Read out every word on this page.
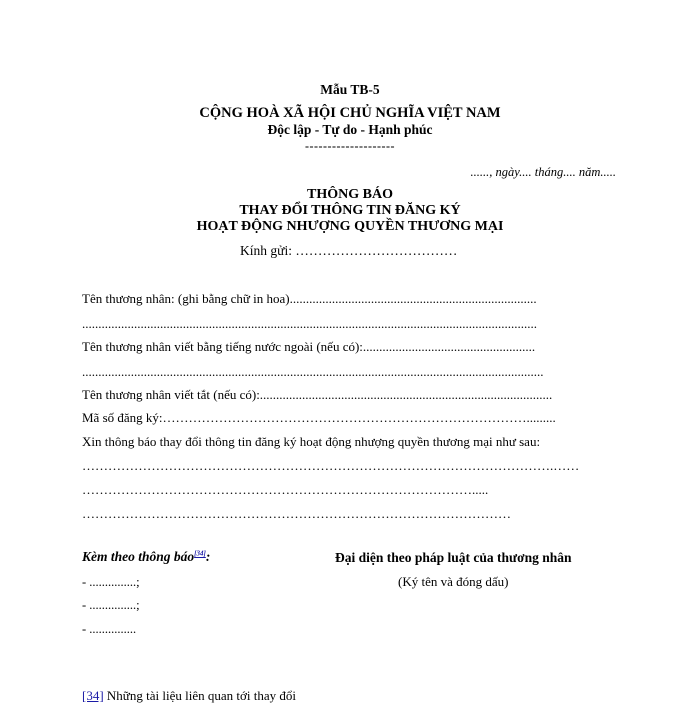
Mẫu TB-5
CỘNG HOÀ XÃ HỘI CHỦ NGHĨA VIỆT NAM
Độc lập - Tự do - Hạnh phúc
--------------------
......, ngày.... tháng.... năm.....
THÔNG BÁO
THAY ĐỔI THÔNG TIN ĐĂNG KÝ
HOẠT ĐỘNG NHƯỢNG QUYỀN THƯƠNG MẠI
Kính gửi: ………………………………
Tên thương nhân: (ghi bằng chữ in hoa)............................................................................
............................................................................................................................................
Tên thương nhân viết bằng tiếng nước ngoài (nếu có):.....................................................
..............................................................................................................................................
Tên thương nhân viết tắt (nếu có):..........................................................................................
Mã số đăng ký:………………………………………………………………………….........
Xin thông báo thay đổi thông tin đăng ký hoạt động nhượng quyền thương mại như sau:
……………………………………………………………………………………………….……
……………………………………………………………………………….....
………………………………………………………………………………………
Kèm theo thông báo[34]:	Đại diện theo pháp luật của thương nhân
(Ký tên và đóng dấu)
- ...............;
- ...............;
- ...............
[34] Những tài liệu liên quan tới thay đổi
